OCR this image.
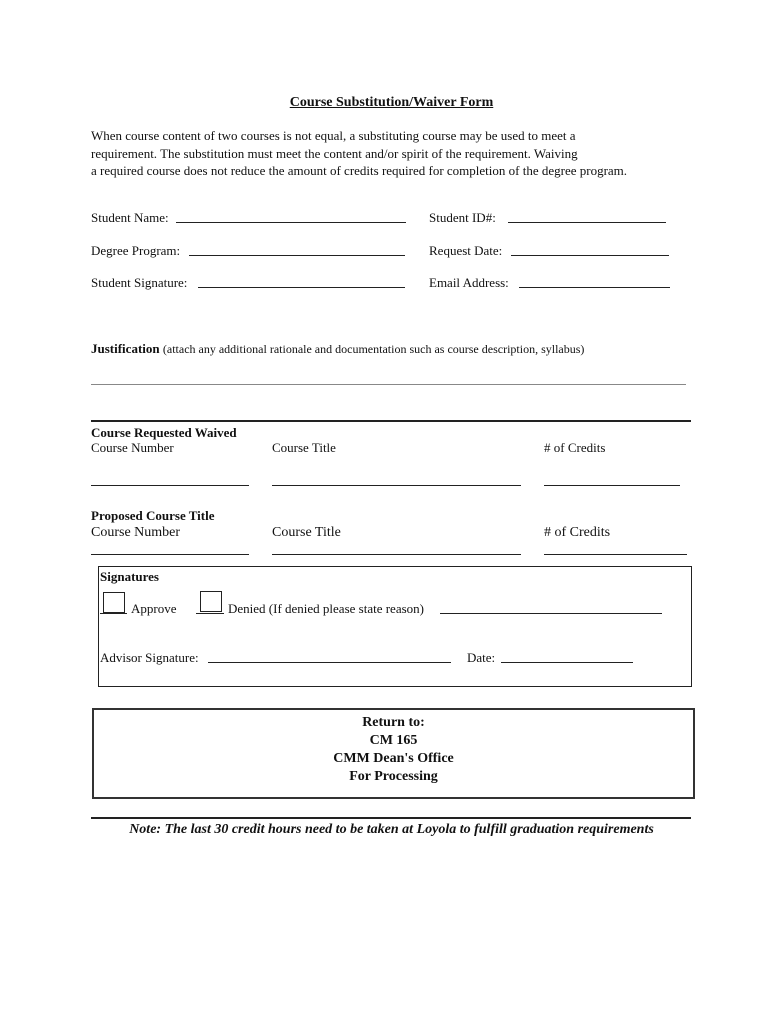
Course Substitution/Waiver Form
When course content of two courses is not equal, a substituting course may be used to meet a
requirement. The substitution must meet the content and/or spirit of the requirement. Waiving
a required course does not reduce the amount of credits required for completion of the degree program.
Student Name:	Student ID#:
Degree Program:	Request Date:
Student Signature:	Email Address:
Justification (attach any additional rationale and documentation such as course description, syllabus)
Course Requested Waived
Course Number	Course Title	# of Credits
Proposed Course Title
Course Number	Course Title	# of Credits
Signatures
Approve	Denied (If denied please state reason)
Advisor Signature:	Date:
Return to:
CM 165
CMM Dean's Office
For Processing
Note: The last 30 credit hours need to be taken at Loyola to fulfill graduation requirements
